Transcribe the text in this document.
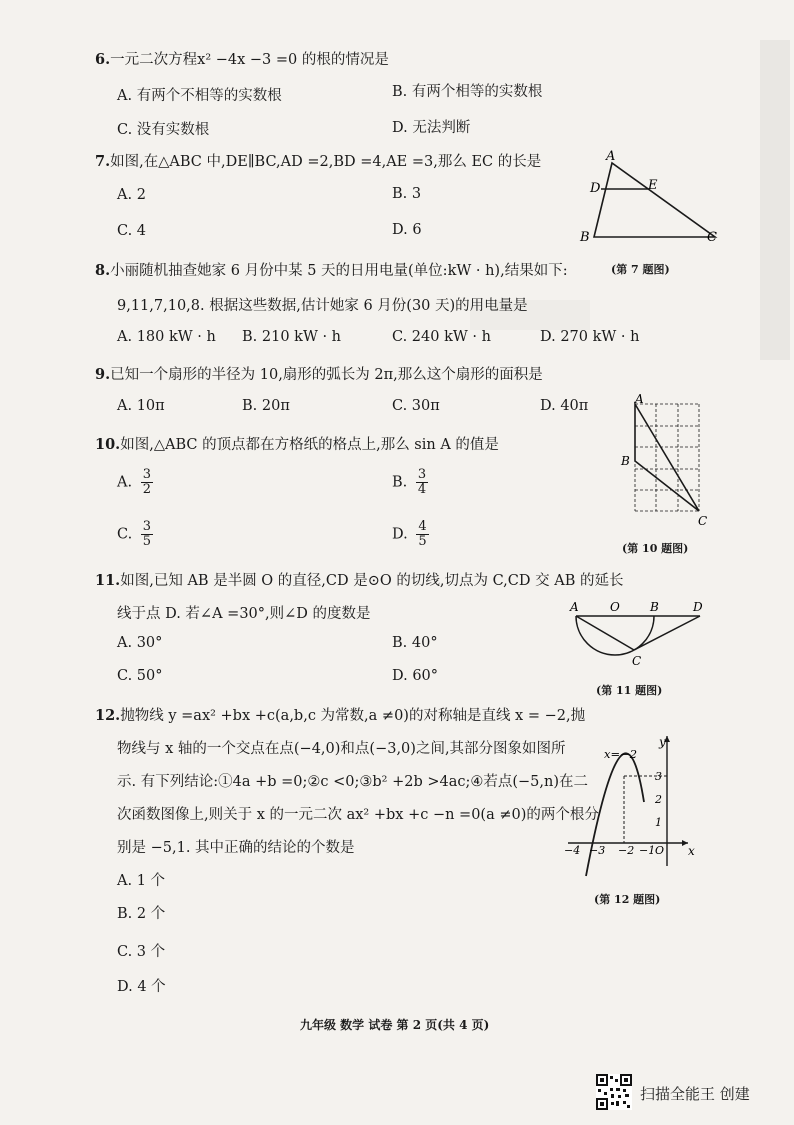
6.一元二次方程x² −4x −3 =0 的根的情况是
A. 有两个不相等的实数根	B. 有两个相等的实数根
C. 没有实数根	D. 无法判断
7.如图,在△ABC 中,DE∥BC,AD =2,BD =4,AE =3,那么 EC 的长是
A. 2	B. 3
C. 4	D. 6
A
D	E
B	C
(第 7 题图)
8.小丽随机抽查她家 6 月份中某 5 天的日用电量(单位:kW · h),结果如下:
9,11,7,10,8. 根据这些数据,估计她家 6 月份(30 天)的用电量是
A. 180 kW · h B. 210 kW · h	C. 240 kW · h	D. 270 kW · h
9.已知一个扇形的半径为 10,扇形的弧长为 2π,那么这个扇形的面积是
A. 10π	B. 20π	C. 30π	D. 40π
10.如图,△ABC 的顶点都在方格纸的格点上,那么 sin A 的值是
A. $\frac{3}{2}$	B. $\frac{3}{4}$
C. $\frac{3}{5}$	D. $\frac{4}{5}$
A
B
C
(第 10 题图)
11.如图,已知 AB 是半圆 O 的直径,CD 是⊙O 的切线,切点为 C,CD 交 AB 的延长
线于点 D. 若∠A =30°,则∠D 的度数是
A. 30°	B. 40°
C. 50°	D. 60°
A	O	B	D
C
(第 11 题图)
12.抛物线 y =ax² +bx +c(a,b,c 为常数,a ≠0)的对称轴是直线 x = −2,抛
物线与 x 轴的一个交点在点(−4,0)和点(−3,0)之间,其部分图象如图所
示. 有下列结论:①4a +b =0;②c <0;③b² +2b >4ac;④若点(−5,n)在二
次函数图像上,则关于 x 的一元二次 ax² +bx +c −n =0(a ≠0)的两个根分
别是 −5,1. 其中正确的结论的个数是
A. 1 个
B. 2 个
C. 3 个
D. 4 个
x=−2
y
x
3
2
1
−4 −3 −2 −1 O
(第 12 题图)
九年级 数学 试卷 第 2 页(共 4 页)
扫描全能王 创建
